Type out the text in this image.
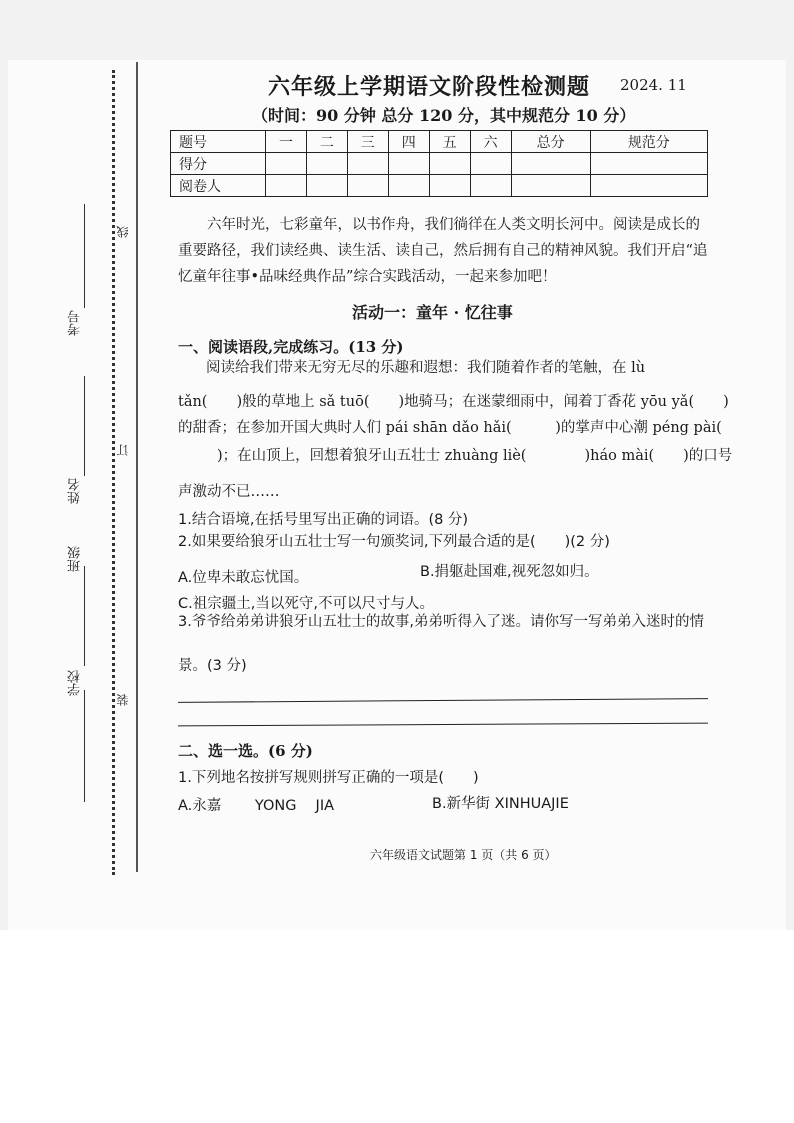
考号
姓名
班级
学校
线
订
装
六年级上学期语文阶段性检测题 2024. 11
（时间：90 分钟 总分 120 分，其中规范分 10 分）
题号	一	二	三	四	五	六	总分	规范分
得分								
阅卷人								
六年时光，七彩童年，以书作舟，我们徜徉在人类文明长河中。阅读是成长的重要路径，我们读经典、读生活、读自己，然后拥有自己的精神风貌。我们开启“追忆童年往事•品味经典作品”综合实践活动，一起来参加吧！
活动一：童年 · 忆往事
一、阅读语段,完成练习。(13 分)
阅读给我们带来无穷无尽的乐趣和遐想：我们随着作者的笔触，在 lù
tǎn(　　)般的草地上 sǎ tuō(　　)地骑马；在迷蒙细雨中，闻着丁香花 yōu yǎ(　　)
的甜香；在参加开国大典时人们 pái shān dǎo hǎi(　　　)的掌声中心潮 péng pài(
　　)；在山顶上，回想着狼牙山五壮士 zhuàng liè(　　　　)háo mài(　　)的口号
声激动不已……
1.结合语境,在括号里写出正确的词语。(8 分)
2.如果要给狼牙山五壮士写一句颁奖词,下列最合适的是(　　)(2 分)
A.位卑未敢忘忧国。	B.捐躯赴国难,视死忽如归。
C.祖宗疆土,当以死守,不可以尺寸与人。
3.爷爷给弟弟讲狼牙山五壮士的故事,弟弟听得入了迷。请你写一写弟弟入迷时的情
景。(3 分)
二、选一选。(6 分)
1.下列地名按拼写规则拼写正确的一项是(　　)
A.永嘉　　 YONG　 JIA	B.新华街 XINHUAJIE
六年级语文试题第 1 页（共 6 页）
